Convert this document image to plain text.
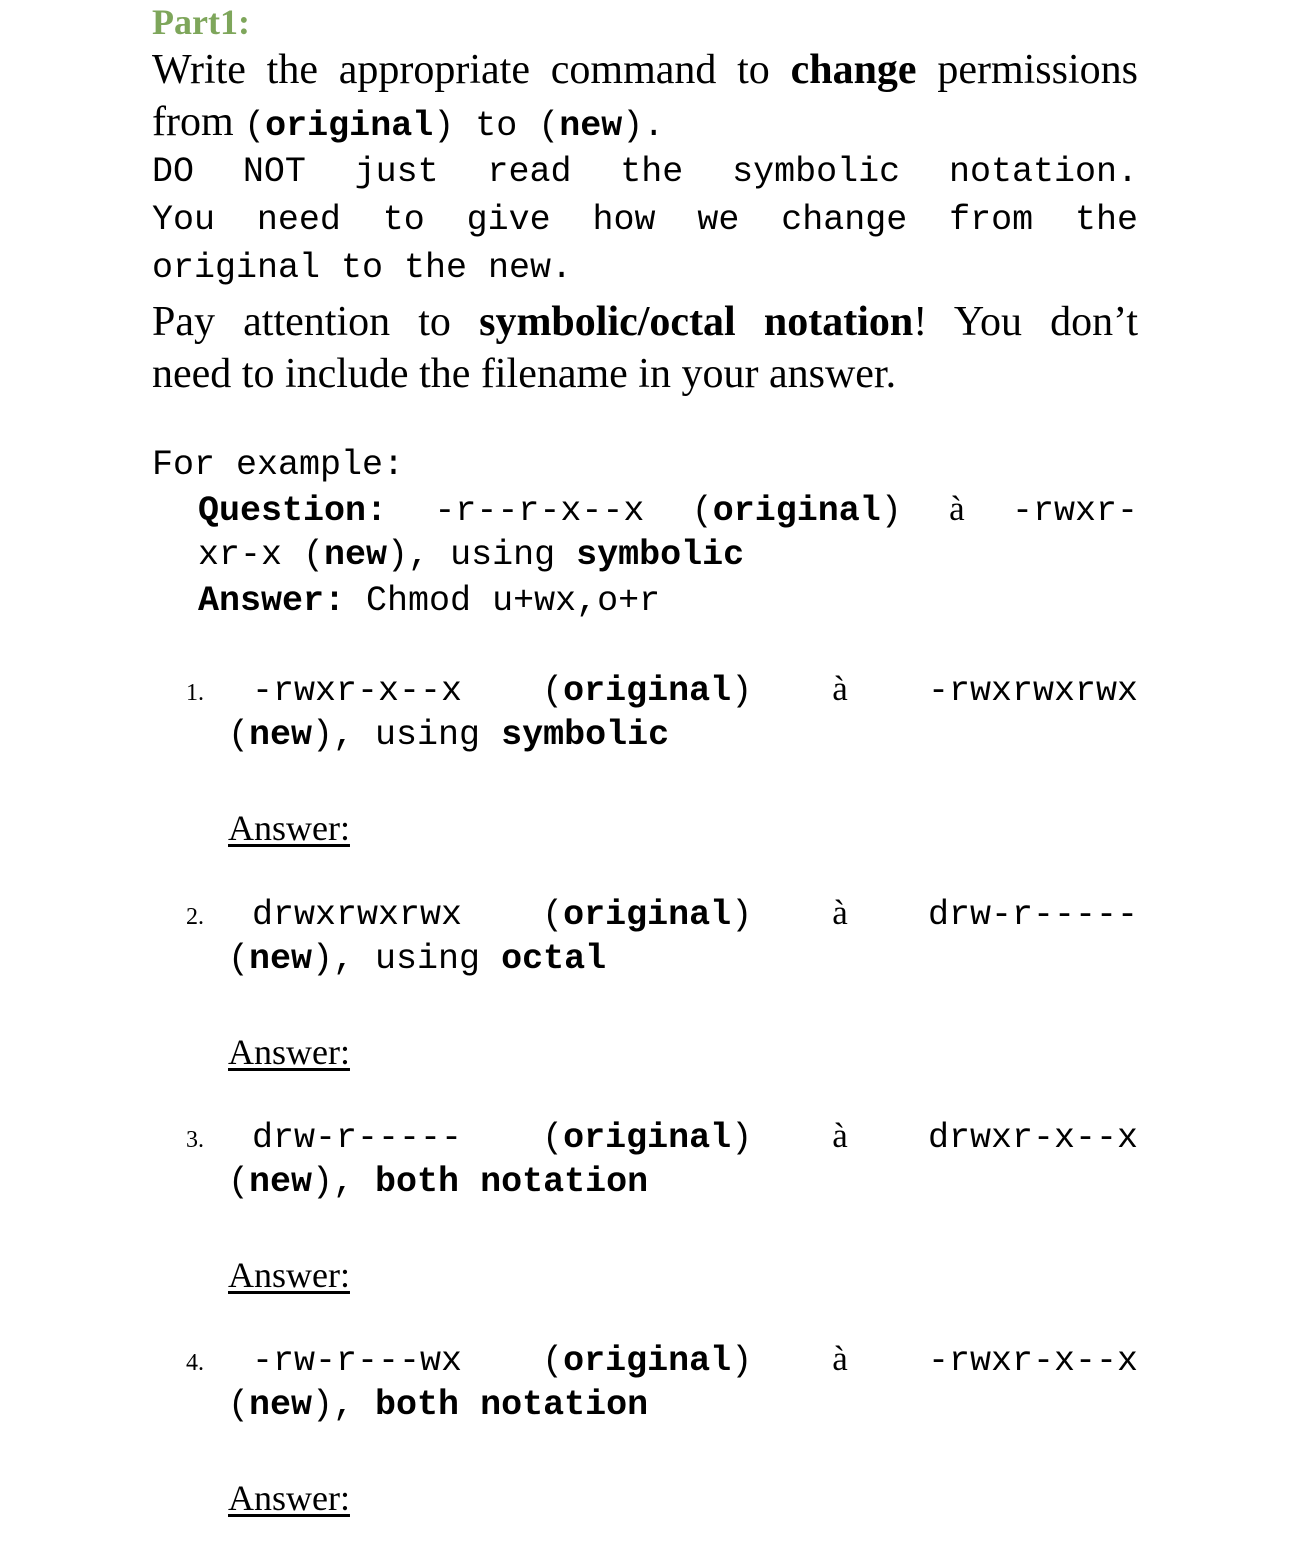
Part1:
Write the appropriate command to change permissions
from (original) to (new).
DO NOT just read the symbolic notation.
You need to give how we change from the
original to the new.
Pay attention to symbolic/octal notation! You don’t
need to include the filename in your answer.
For example:
Question: -r--r-x--x (original) à -rwxr-
xr-x (new), using symbolic
Answer: Chmod u+wx,o+r
1. -rwxr-x--x (original) à -rwxrwxrwx
(new), using symbolic
Answer:
2. drwxrwxrwx (original) à drw-r-----
(new), using octal
Answer:
3. drw-r----- (original) à drwxr-x--x
(new), both notation
Answer:
4. -rw-r---wx (original) à -rwxr-x--x
(new), both notation
Answer:
